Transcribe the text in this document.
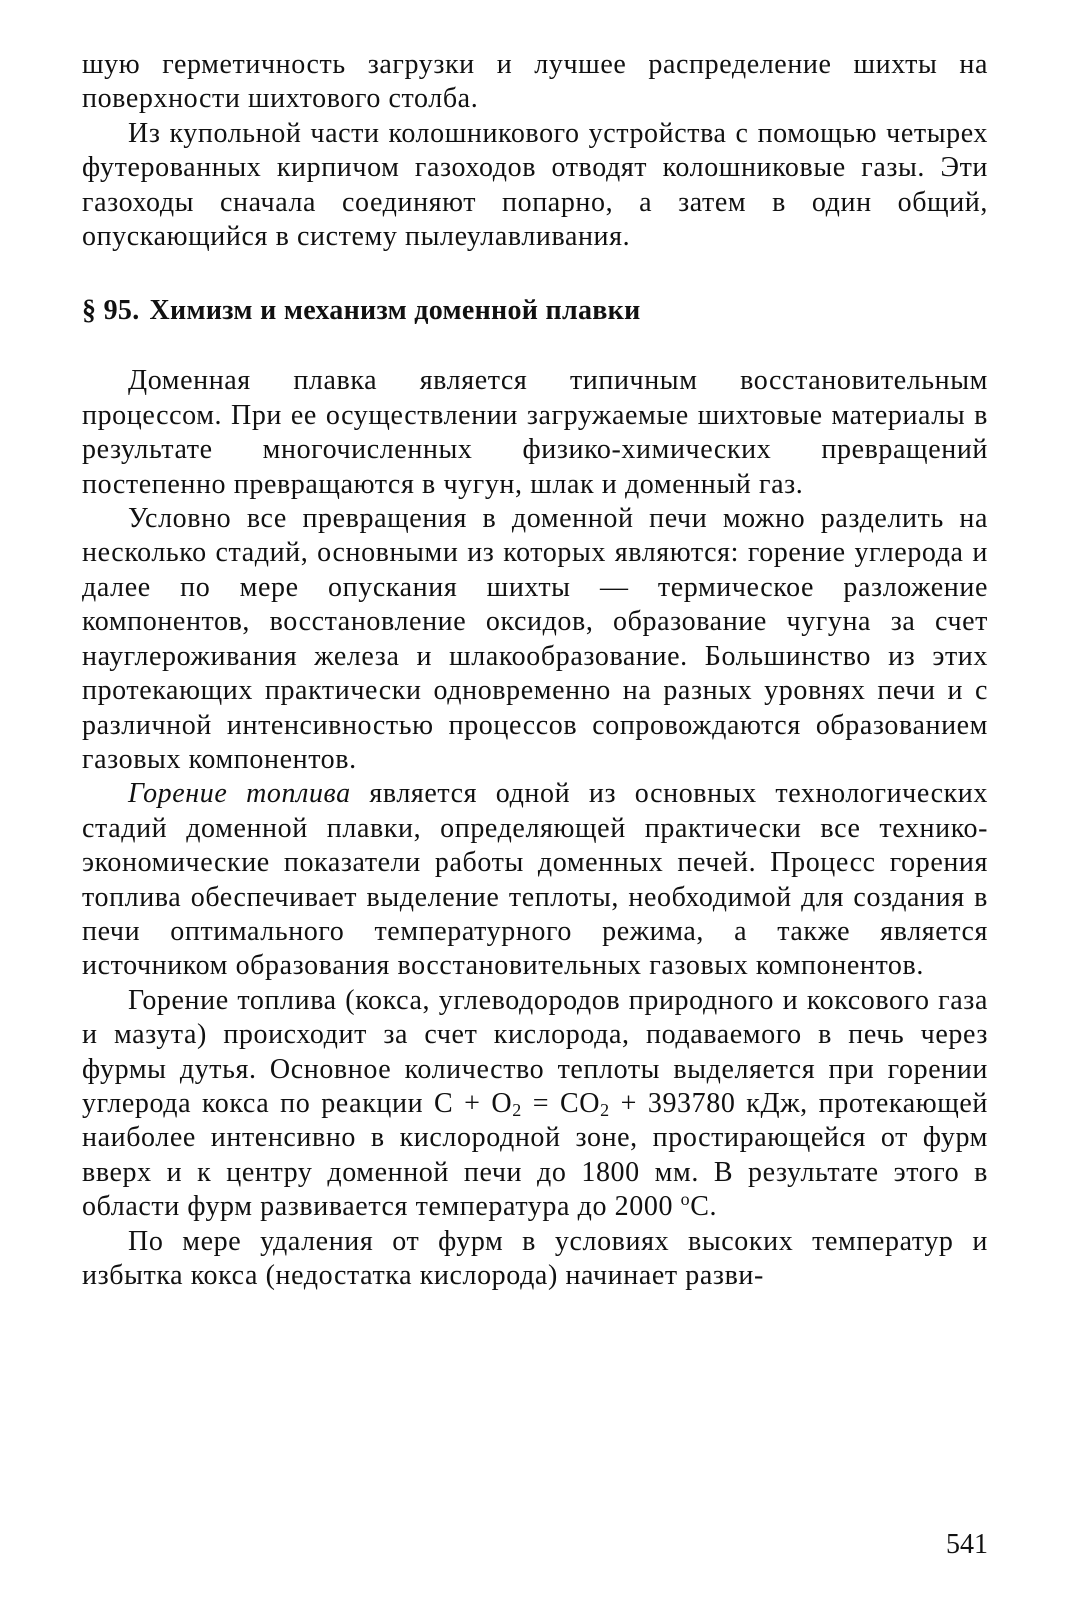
шую герметичность загрузки и лучшее распределение шихты на поверхности шихтового столба.

Из купольной части колошникового устройства с помощью четырех футерованных кирпичом газоходов отводят колошниковые газы. Эти газоходы сначала соединяют попарно, а затем в один общий, опускающийся в систему пылеулавливания.

§ 95. Химизм и механизм доменной плавки

Доменная плавка является типичным восстановительным процессом. При ее осуществлении загружаемые шихтовые материалы в результате многочисленных физико-химических превращений постепенно превращаются в чугун, шлак и доменный газ.

Условно все превращения в доменной печи можно разделить на несколько стадий, основными из которых являются: горение углерода и далее по мере опускания шихты — термическое разложение компонентов, восстановление оксидов, образование чугуна за счет науглероживания железа и шлакообразование. Большинство из этих протекающих практически одновременно на разных уровнях печи и с различной интенсивностью процессов сопровождаются образованием газовых компонентов.

Горение топлива является одной из основных технологических стадий доменной плавки, определяющей практически все технико-экономические показатели работы доменных печей. Процесс горения топлива обеспечивает выделение теплоты, необходимой для создания в печи оптимального температурного режима, а также является источником образования восстановительных газовых компонентов.

Горение топлива (кокса, углеводородов природного и коксового газа и мазута) происходит за счет кислорода, подаваемого в печь через фурмы дутья. Основное количество теплоты выделяется при горении углерода кокса по реакции $C + O_2 = CO_2 + 393780$ кДж, протекающей наиболее интенсивно в кислородной зоне, простирающейся от фурм вверх и к центру доменной печи до 1800 мм. В результате этого в области фурм развивается температура до 2000 $^o$C.

По мере удаления от фурм в условиях высоких температур и избытка кокса (недостатка кислорода) начинает разви-

541
